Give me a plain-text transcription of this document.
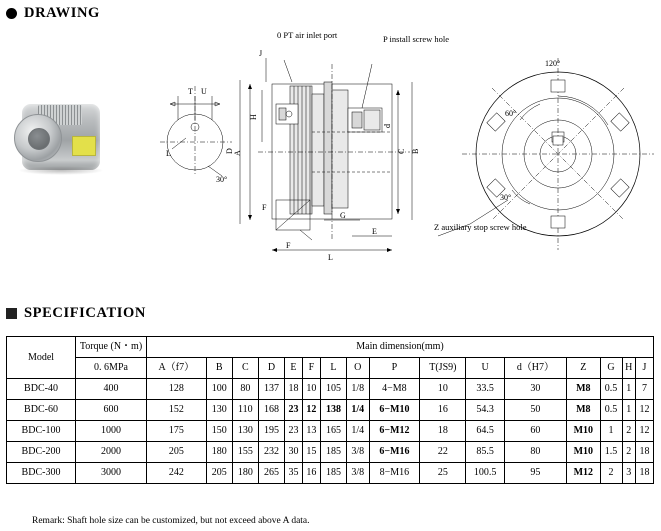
DRAWING
T U
L
30°
J
A
H
D	C B
d
L
E
G
F
F
120°
60°
30°
0 PT air inlet port	P install screw hole
Z auxiliary stop screw hole
SPECIFICATION
Model	Torque (N・m)	Main dimension(mm)															
	0. 6MPa	A（f7）	B	C	D	E	F	L	O	P	T(JS9)	U	d（H7）	Z	G	H	J
BDC-40	400	128	100	80	137	18	10	105	1/8	4−M8	10	33.5	30	M8	0.5	1	7
BDC-60	600	152	130	110	168	23	12	138	1/4	6−M10	16	54.3	50	M8	0.5	1	12
BDC-100	1000	175	150	130	195	23	13	165	1/4	6−M12	18	64.5	60	M10	1	2	12
BDC-200	2000	205	180	155	232	30	15	185	3/8	6−M16	22	85.5	80	M10	1.5	2	18
BDC-300	3000	242	205	180	265	35	16	185	3/8	8−M16	25	100.5	95	M12	2	3	18
Remark: Shaft hole size can be customized, but not exceed above A data.
